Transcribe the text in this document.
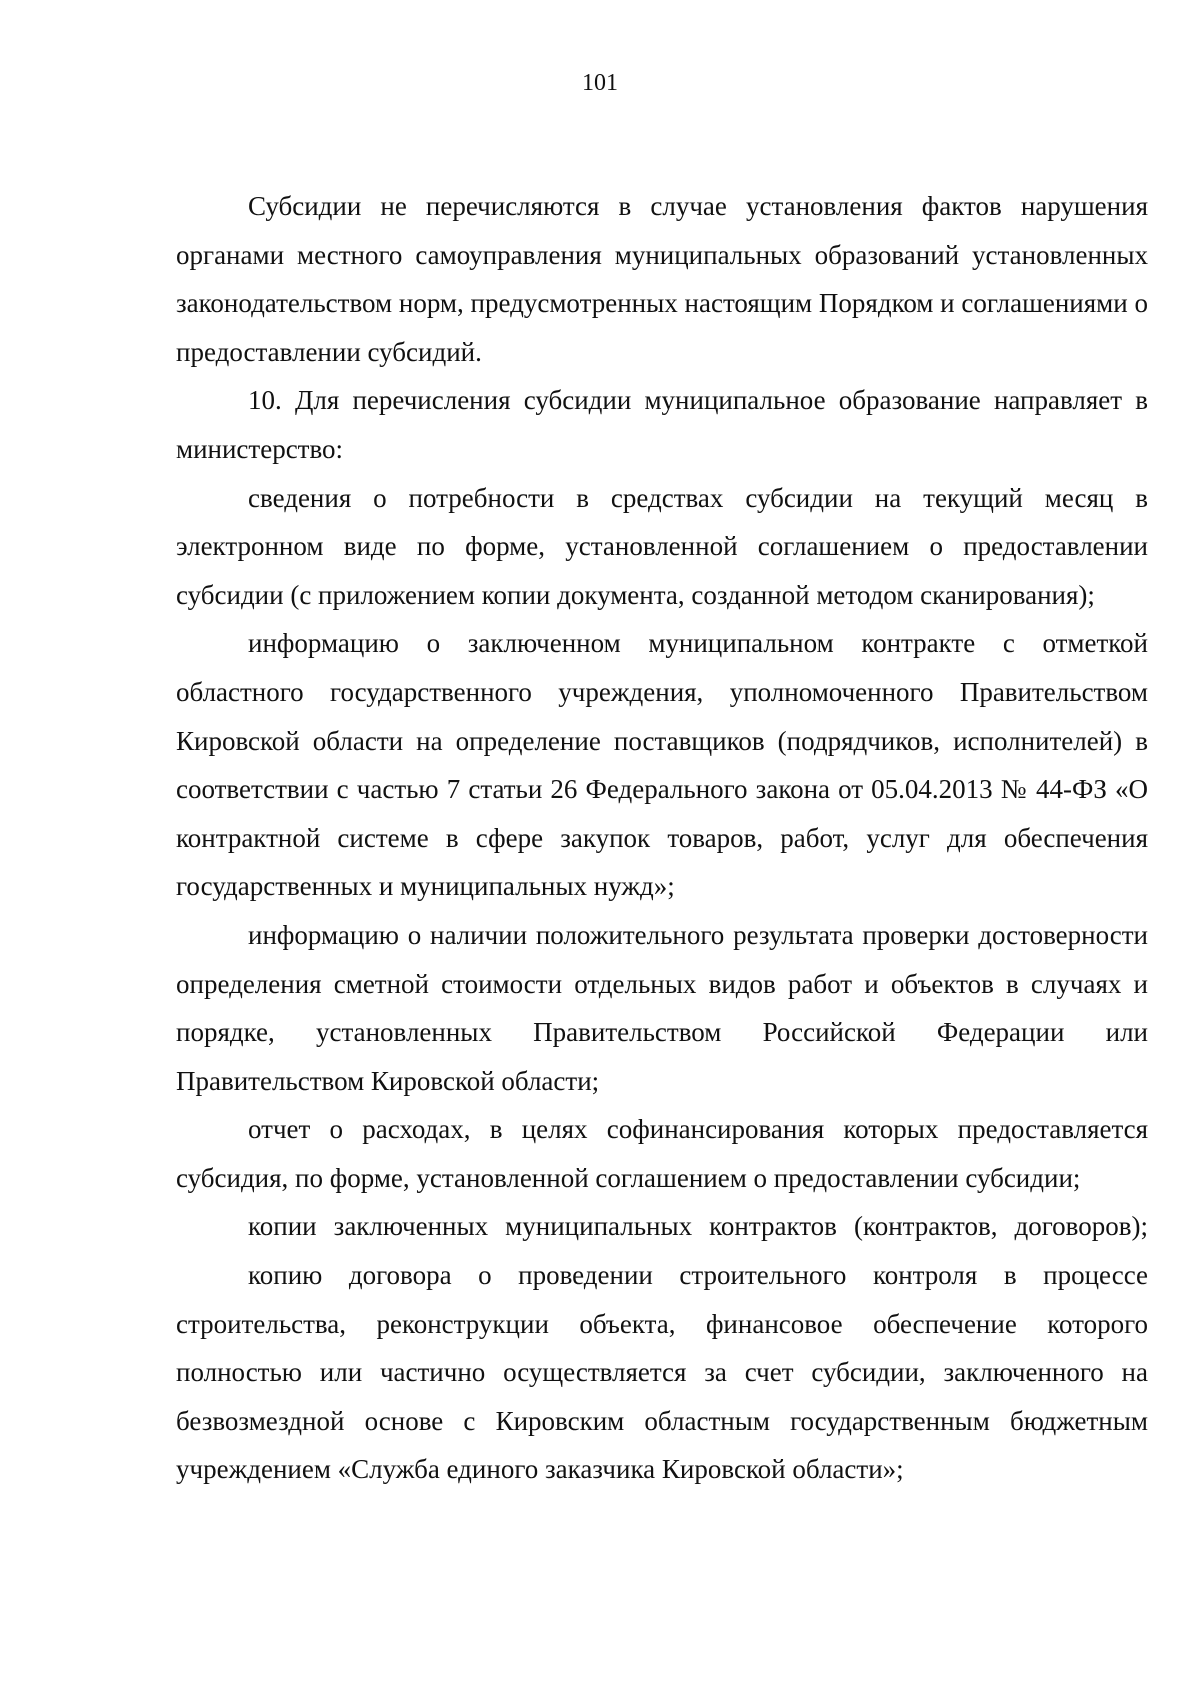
101

Субсидии не перечисляются в случае установления фактов нарушения органами местного самоуправления муниципальных образований установленных законодательством норм, предусмотренных настоящим Порядком и соглашениями о предоставлении субсидий.

10. Для перечисления субсидии муниципальное образование направляет в министерство:

сведения о потребности в средствах субсидии на текущий месяц в электронном виде по форме, установленной соглашением о предоставлении субсидии (с приложением копии документа, созданной методом сканирования);

информацию о заключенном муниципальном контракте с отметкой областного государственного учреждения, уполномоченного Правительством Кировской области на определение поставщиков (подрядчиков, исполнителей) в соответствии с частью 7 статьи 26 Федерального закона от 05.04.2013 № 44-ФЗ «О контрактной системе в сфере закупок товаров, работ, услуг для обеспечения государственных и муниципальных нужд»;

информацию о наличии положительного результата проверки достоверности определения сметной стоимости отдельных видов работ и объектов в случаях и порядке, установленных Правительством Российской Федерации или Правительством Кировской области;

отчет о расходах, в целях софинансирования которых предоставляется субсидия, по форме, установленной соглашением о предоставлении субсидии;

копии заключенных муниципальных контрактов (контрактов, договоров);

копию договора о проведении строительного контроля в процессе строительства, реконструкции объекта, финансовое обеспечение которого полностью или частично осуществляется за счет субсидии, заключенного на безвозмездной основе с Кировским областным государственным бюджетным учреждением «Служба единого заказчика Кировской области»;
